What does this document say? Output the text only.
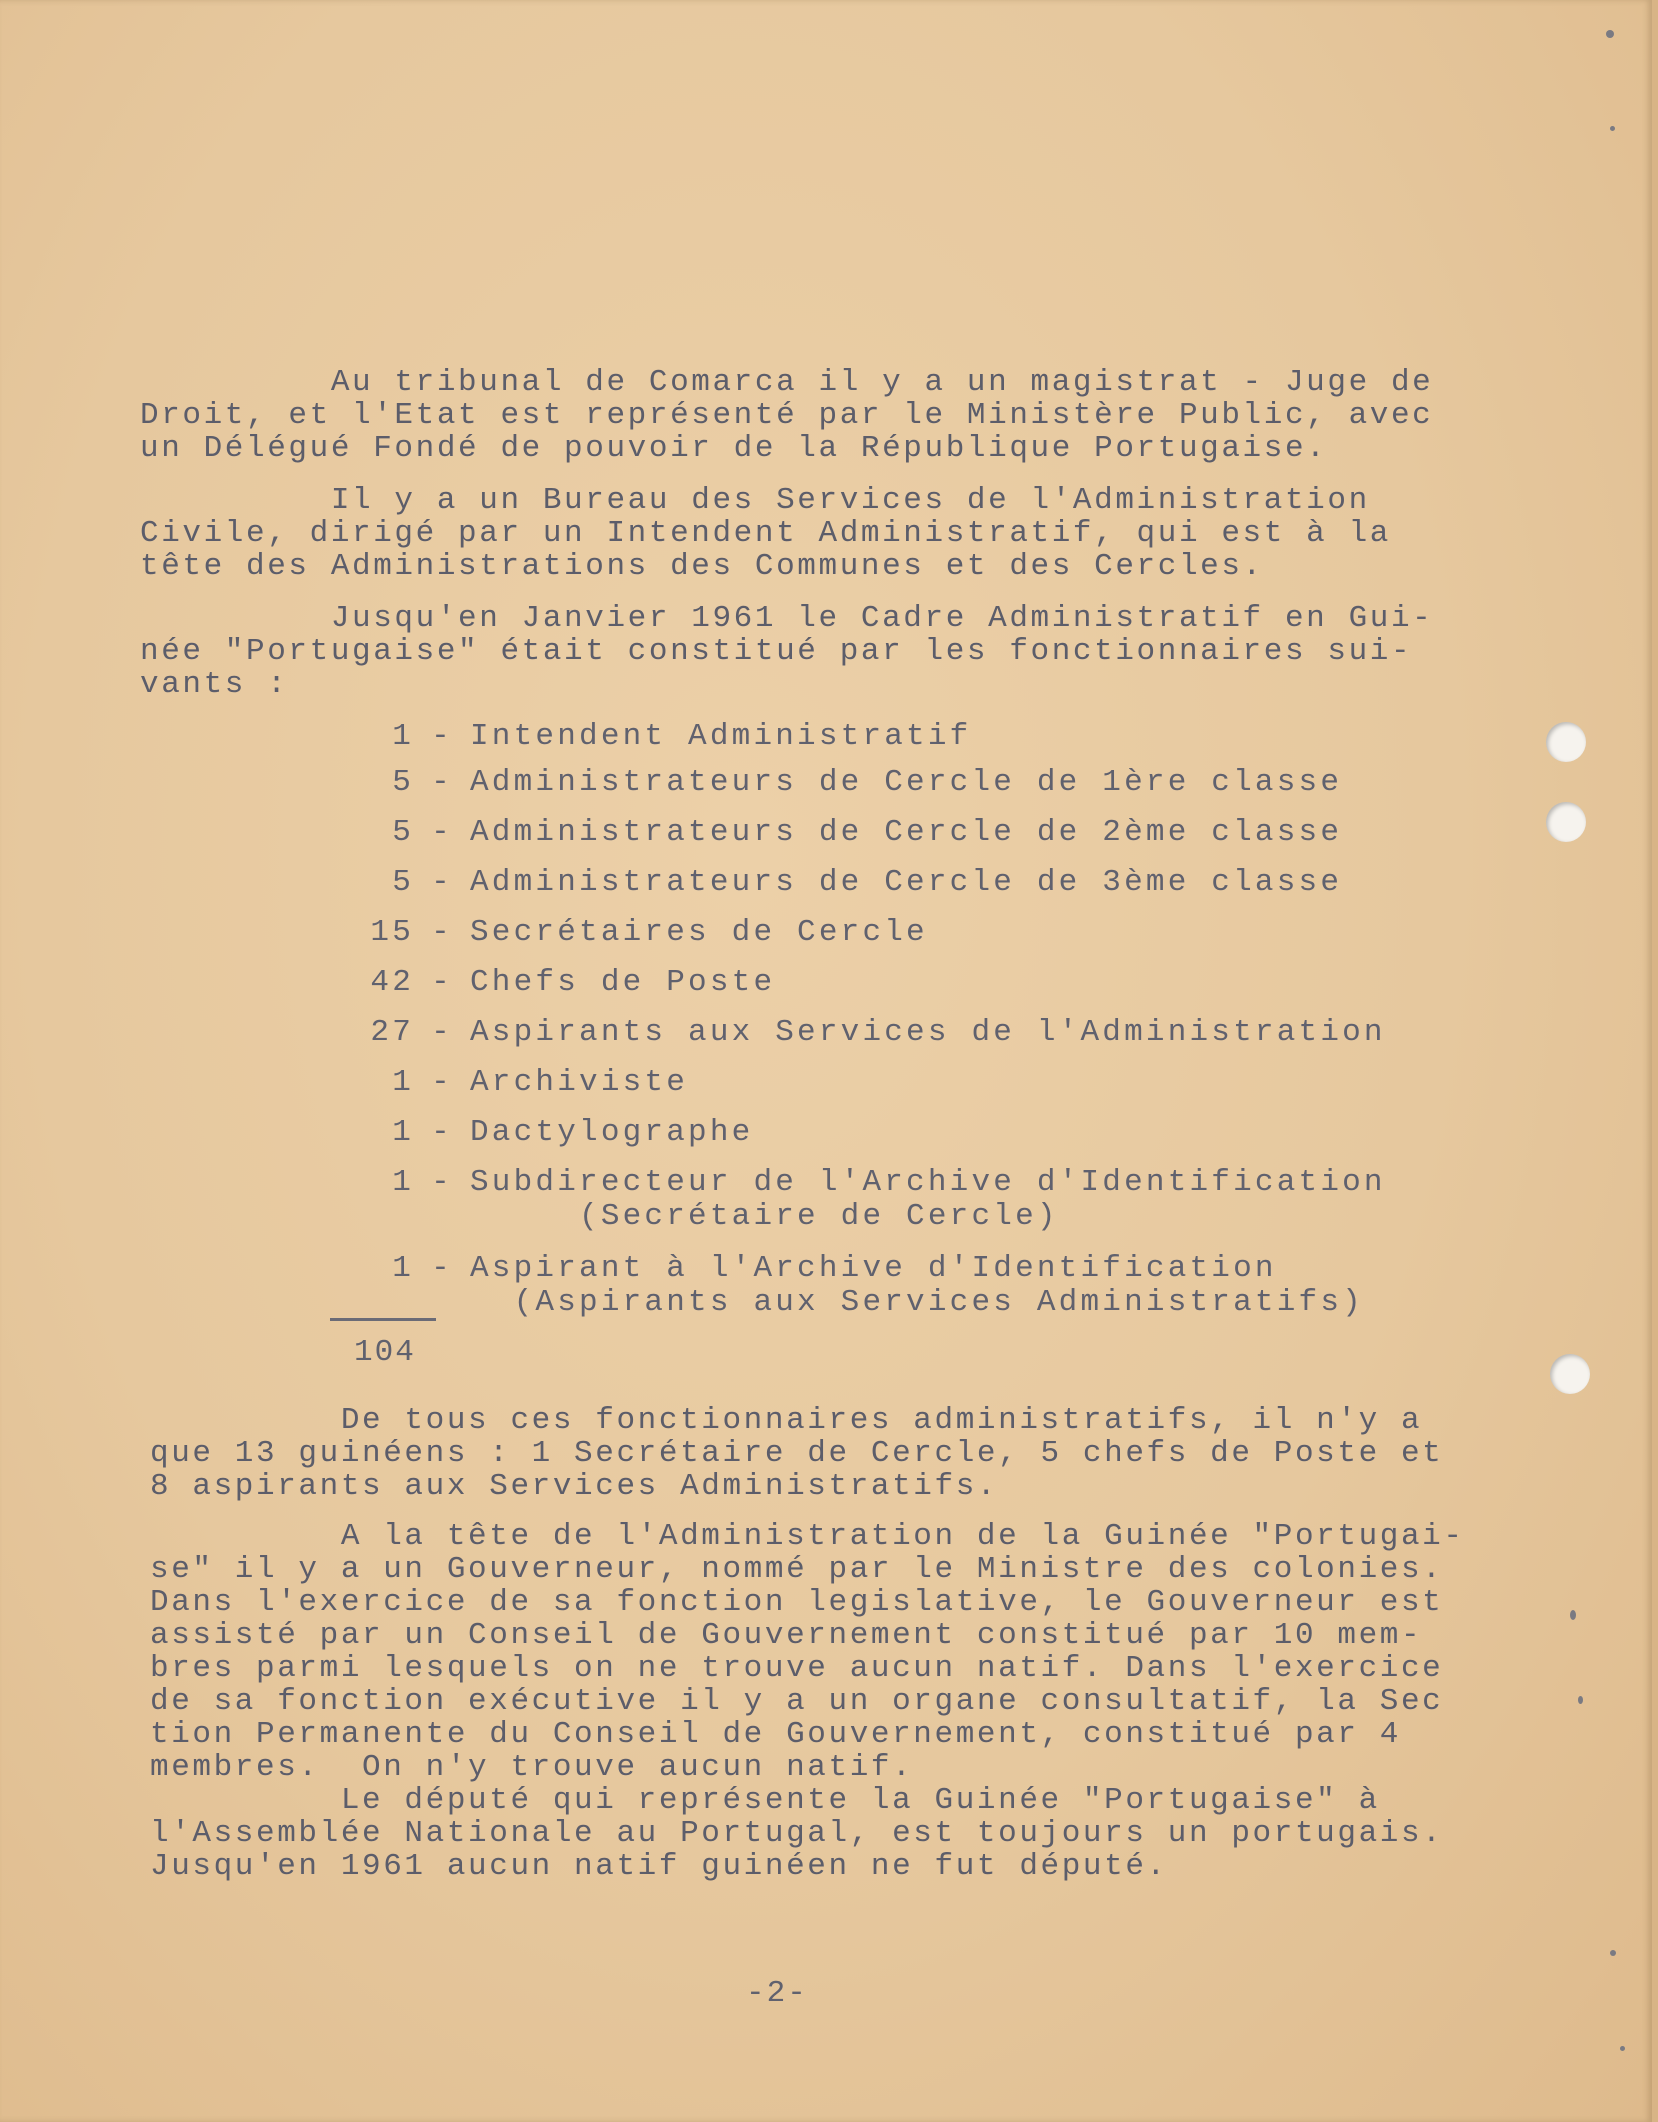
Au tribunal de Comarca il y a un magistrat - Juge de
Droit, et l'Etat est représenté par le Ministère Public, avec
un Délégué Fondé de pouvoir de la République Portugaise.
Il y a un Bureau des Services de l'Administration
Civile, dirigé par un Intendent Administratif, qui est à la
tête des Administrations des Communes et des Cercles.
Jusqu'en Janvier 1961 le Cadre Administratif en Gui-
née "Portugaise" était constitué par les fonctionnaires sui-
vants :
1 - Intendent Administratif
5 - Administrateurs de Cercle de 1ère classe
5 - Administrateurs de Cercle de 2ème classe
5 - Administrateurs de Cercle de 3ème classe
15 - Secrétaires de Cercle
42 - Chefs de Poste
27 - Aspirants aux Services de l'Administration
1 - Archiviste
1 - Dactylographe
1 - Subdirecteur de l'Archive d'Identification
(Secrétaire de Cercle)
1 - Aspirant à l'Archive d'Identification
(Aspirants aux Services Administratifs)
104
De tous ces fonctionnaires administratifs, il n'y a
que 13 guinéens : 1 Secrétaire de Cercle, 5 chefs de Poste et
8 aspirants aux Services Administratifs.
A la tête de l'Administration de la Guinée "Portugai-
se" il y a un Gouverneur, nommé par le Ministre des colonies.
Dans l'exercice de sa fonction legislative, le Gouverneur est
assisté par un Conseil de Gouvernement constitué par 10 mem-
bres parmi lesquels on ne trouve aucun natif. Dans l'exercice
de sa fonction exécutive il y a un organe consultatif, la Sec
tion Permanente du Conseil de Gouvernement, constitué par 4
membres.  On n'y trouve aucun natif.
Le député qui représente la Guinée "Portugaise" à
l'Assemblée Nationale au Portugal, est toujours un portugais.
Jusqu'en 1961 aucun natif guinéen ne fut député.
-2-
